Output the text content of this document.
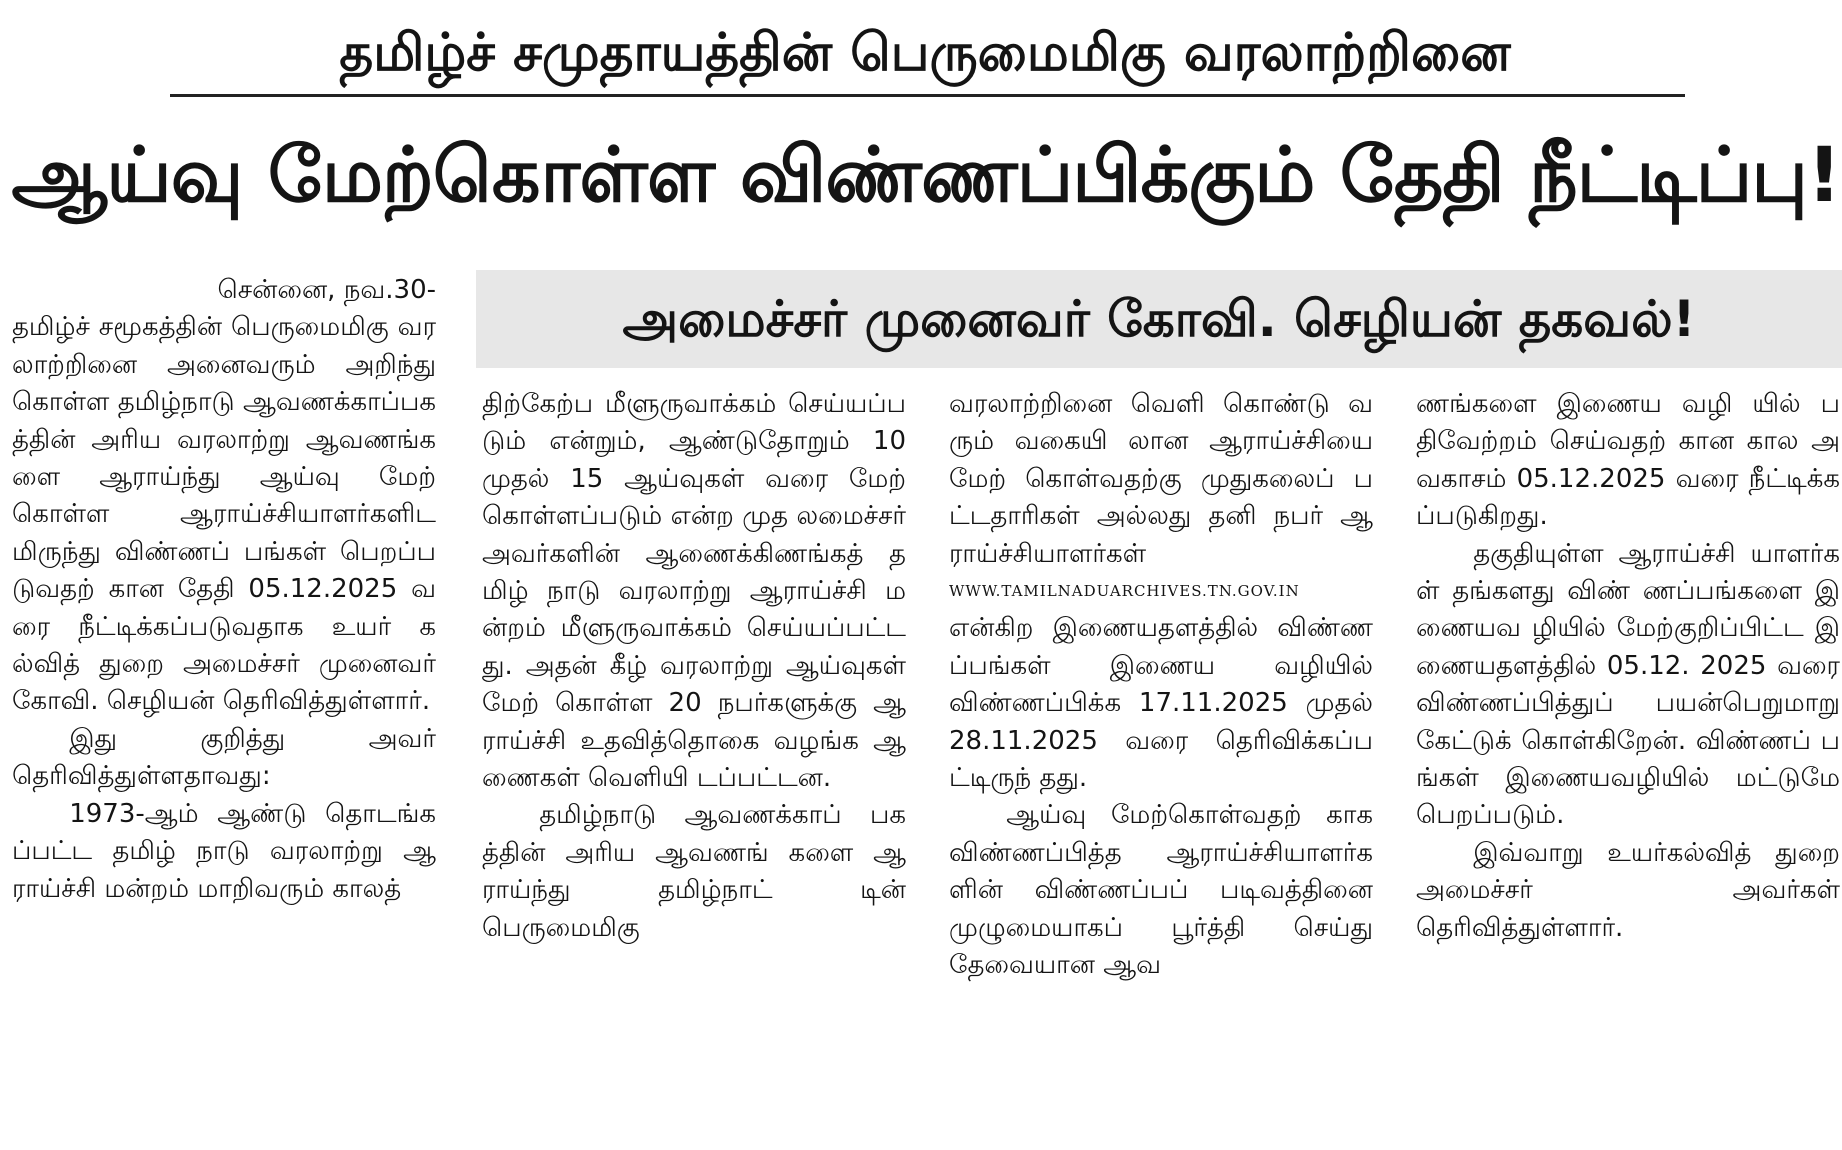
தமிழ்ச் சமுதாயத்தின் பெருமைமிகு வரலாற்றினை
ஆய்வு மேற்கொள்ள விண்ணப்பிக்கும் தேதி நீட்டிப்பு!
அமைச்சர் முனைவர் கோவி. செழியன் தகவல்!

சென்னை, நவ.30-

தமிழ்ச் சமூகத்தின் பெருமைமிகு வரலாற்றினை அனைவரும் அறிந்து கொள்ள தமிழ்நாடு ஆவணக்காப்பகத்தின் அரிய வரலாற்று ஆவணங்களை ஆராய்ந்து ஆய்வு மேற் கொள்ள ஆராய்ச்சியாளர்களிடமிருந்து விண்ணப் பங்கள் பெறப்படுவதற் கான தேதி 05.12.2025 வரை நீட்டிக்கப்படுவதாக உயர் கல்வித் துறை அமைச்சர் முனைவர் கோவி. செழியன் தெரிவித்துள்ளார்.

இது குறித்து அவர் தெரிவித்துள்ளதாவது:

1973-ஆம் ஆண்டு தொடங்கப்பட்ட தமிழ் நாடு வரலாற்று ஆராய்ச்சி மன்றம் மாறிவரும் காலத்

திற்கேற்ப மீளுருவாக்கம் செய்யப்படும் என்றும், ஆண்டுதோறும் 10 முதல் 15 ஆய்வுகள் வரை மேற் கொள்ளப்படும் என்ற முத லமைச்சர் அவர்களின் ஆணைக்கிணங்கத் தமிழ் நாடு வரலாற்று ஆராய்ச்சி மன்றம் மீளுருவாக்கம் செய்யப்பட்டது. அதன் கீழ் வரலாற்று ஆய்வுகள் மேற் கொள்ள 20 நபர்களுக்கு ஆராய்ச்சி உதவித்தொகை வழங்க ஆணைகள் வெளியி டப்பட்டன.

தமிழ்நாடு ஆவணக்காப் பகத்தின் அரிய ஆவணங் களை ஆராய்ந்து தமிழ்நாட் டின் பெருமைமிகு

வரலாற்றினை வெளி கொண்டு வரும் வகையி லான ஆராய்ச்சியை மேற் கொள்வதற்கு முதுகலைப் பட்டதாரிகள் அல்லது தனி நபர் ஆராய்ச்சியாளர்கள்
WWW.TAMILNADUARCHIVES.TN.GOV.IN
என்கிற இணையதளத்தில் விண்ணப்பங்கள் இணைய வழியில் விண்ணப்பிக்க 17.11.2025 முதல் 28.11.2025 வரை தெரிவிக்கப்பட்டிருந் தது.

ஆய்வு மேற்கொள்வதற் காக விண்ணப்பித்த ஆராய்ச்சியாளர்களின் விண்ணப்பப் படிவத்தினை முழுமையாகப் பூர்த்தி செய்து தேவையான ஆவ

ணங்களை இணைய வழி யில் பதிவேற்றம் செய்வதற் கான கால அவகாசம் 05.12.2025 வரை நீட்டிக்கப்படுகிறது.

தகுதியுள்ள ஆராய்ச்சி யாளர்கள் தங்களது விண் ணப்பங்களை இணையவ ழியில் மேற்குறிப்பிட்ட இணையதளத்தில் 05.12. 2025 வரை விண்ணப்பித்துப் பயன்பெறுமாறு கேட்டுக் கொள்கிறேன். விண்ணப் பங்கள் இணையவழியில் மட்டுமே பெறப்படும்.

இவ்வாறு உயர்கல்வித் துறை அமைச்சர் அவர்கள் தெரிவித்துள்ளார்.
